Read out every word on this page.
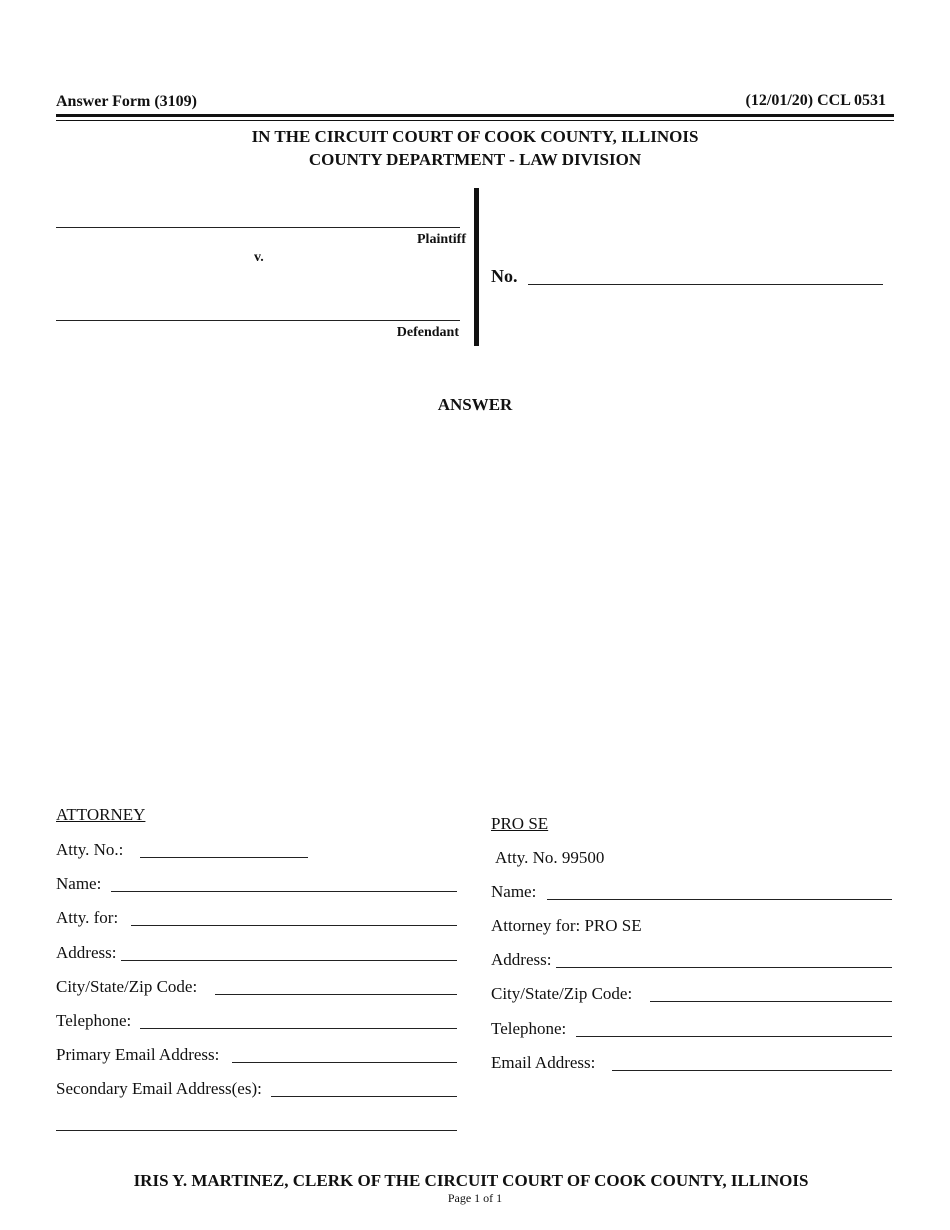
Answer Form (3109)	(12/01/20) CCL 0531
IN THE CIRCUIT COURT OF COOK COUNTY, ILLINOIS
COUNTY DEPARTMENT - LAW DIVISION
Plaintiff
v.
Defendant
No.
ANSWER
ATTORNEY
Atty. No.:
Name:
Atty. for:
Address:
City/State/Zip Code:
Telephone:
Primary Email Address:
Secondary Email Address(es):
PRO SE
Atty. No. 99500
Name:
Attorney for: PRO SE
Address:
City/State/Zip Code:
Telephone:
Email Address:
IRIS Y. MARTINEZ, CLERK OF THE CIRCUIT COURT OF COOK COUNTY, ILLINOIS
Page 1 of 1
